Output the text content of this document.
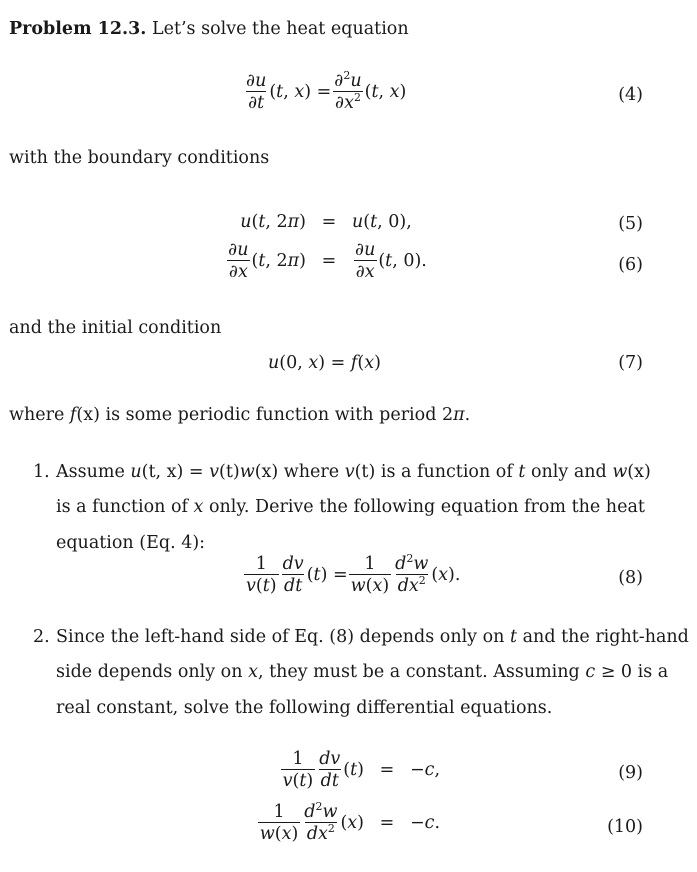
Problem 12.3. Let’s solve the heat equation
$\frac{\partial u}{\partial t} (t$, $x) = \frac{\partial^2u}{\partial x^2} (t$, x)	(4)
with the boundary conditions
u ( t , 2 π ) = u(t, 0),	(5)
$\frac{\partial u}{\partial x} (t$, $2\pi) = \frac{\partial u}{\partial x} (t$, 0).	(6)
and the initial condition
u(0, x) = f(x)	(7)
where f(x) is some periodic function with period 2π.
1. Assume u(t, x) = v(t)w(x) where v(t) is a function of t only and w(x)
is a function of x only. Derive the following equation from the heat
equation (Eq. 4):
$\frac{1}{v(t)} \frac{dv}{dt} (t) = \frac{1}{w(x)} \frac{d^2w}{dx^2} (x)$.	(8)
2. Since the left-hand side of Eq. (8) depends only on t and the right-hand
side depends only on x, they must be a constant. Assuming c ≥ 0 is a
real constant, solve the following differential equations.
$\frac{1}{v(t)} \frac{dv}{dt} (t) = -c$,	(9)
$\frac{1}{w(x)} \frac{d^2w}{dx^2} (x) = -c$.	(10)
